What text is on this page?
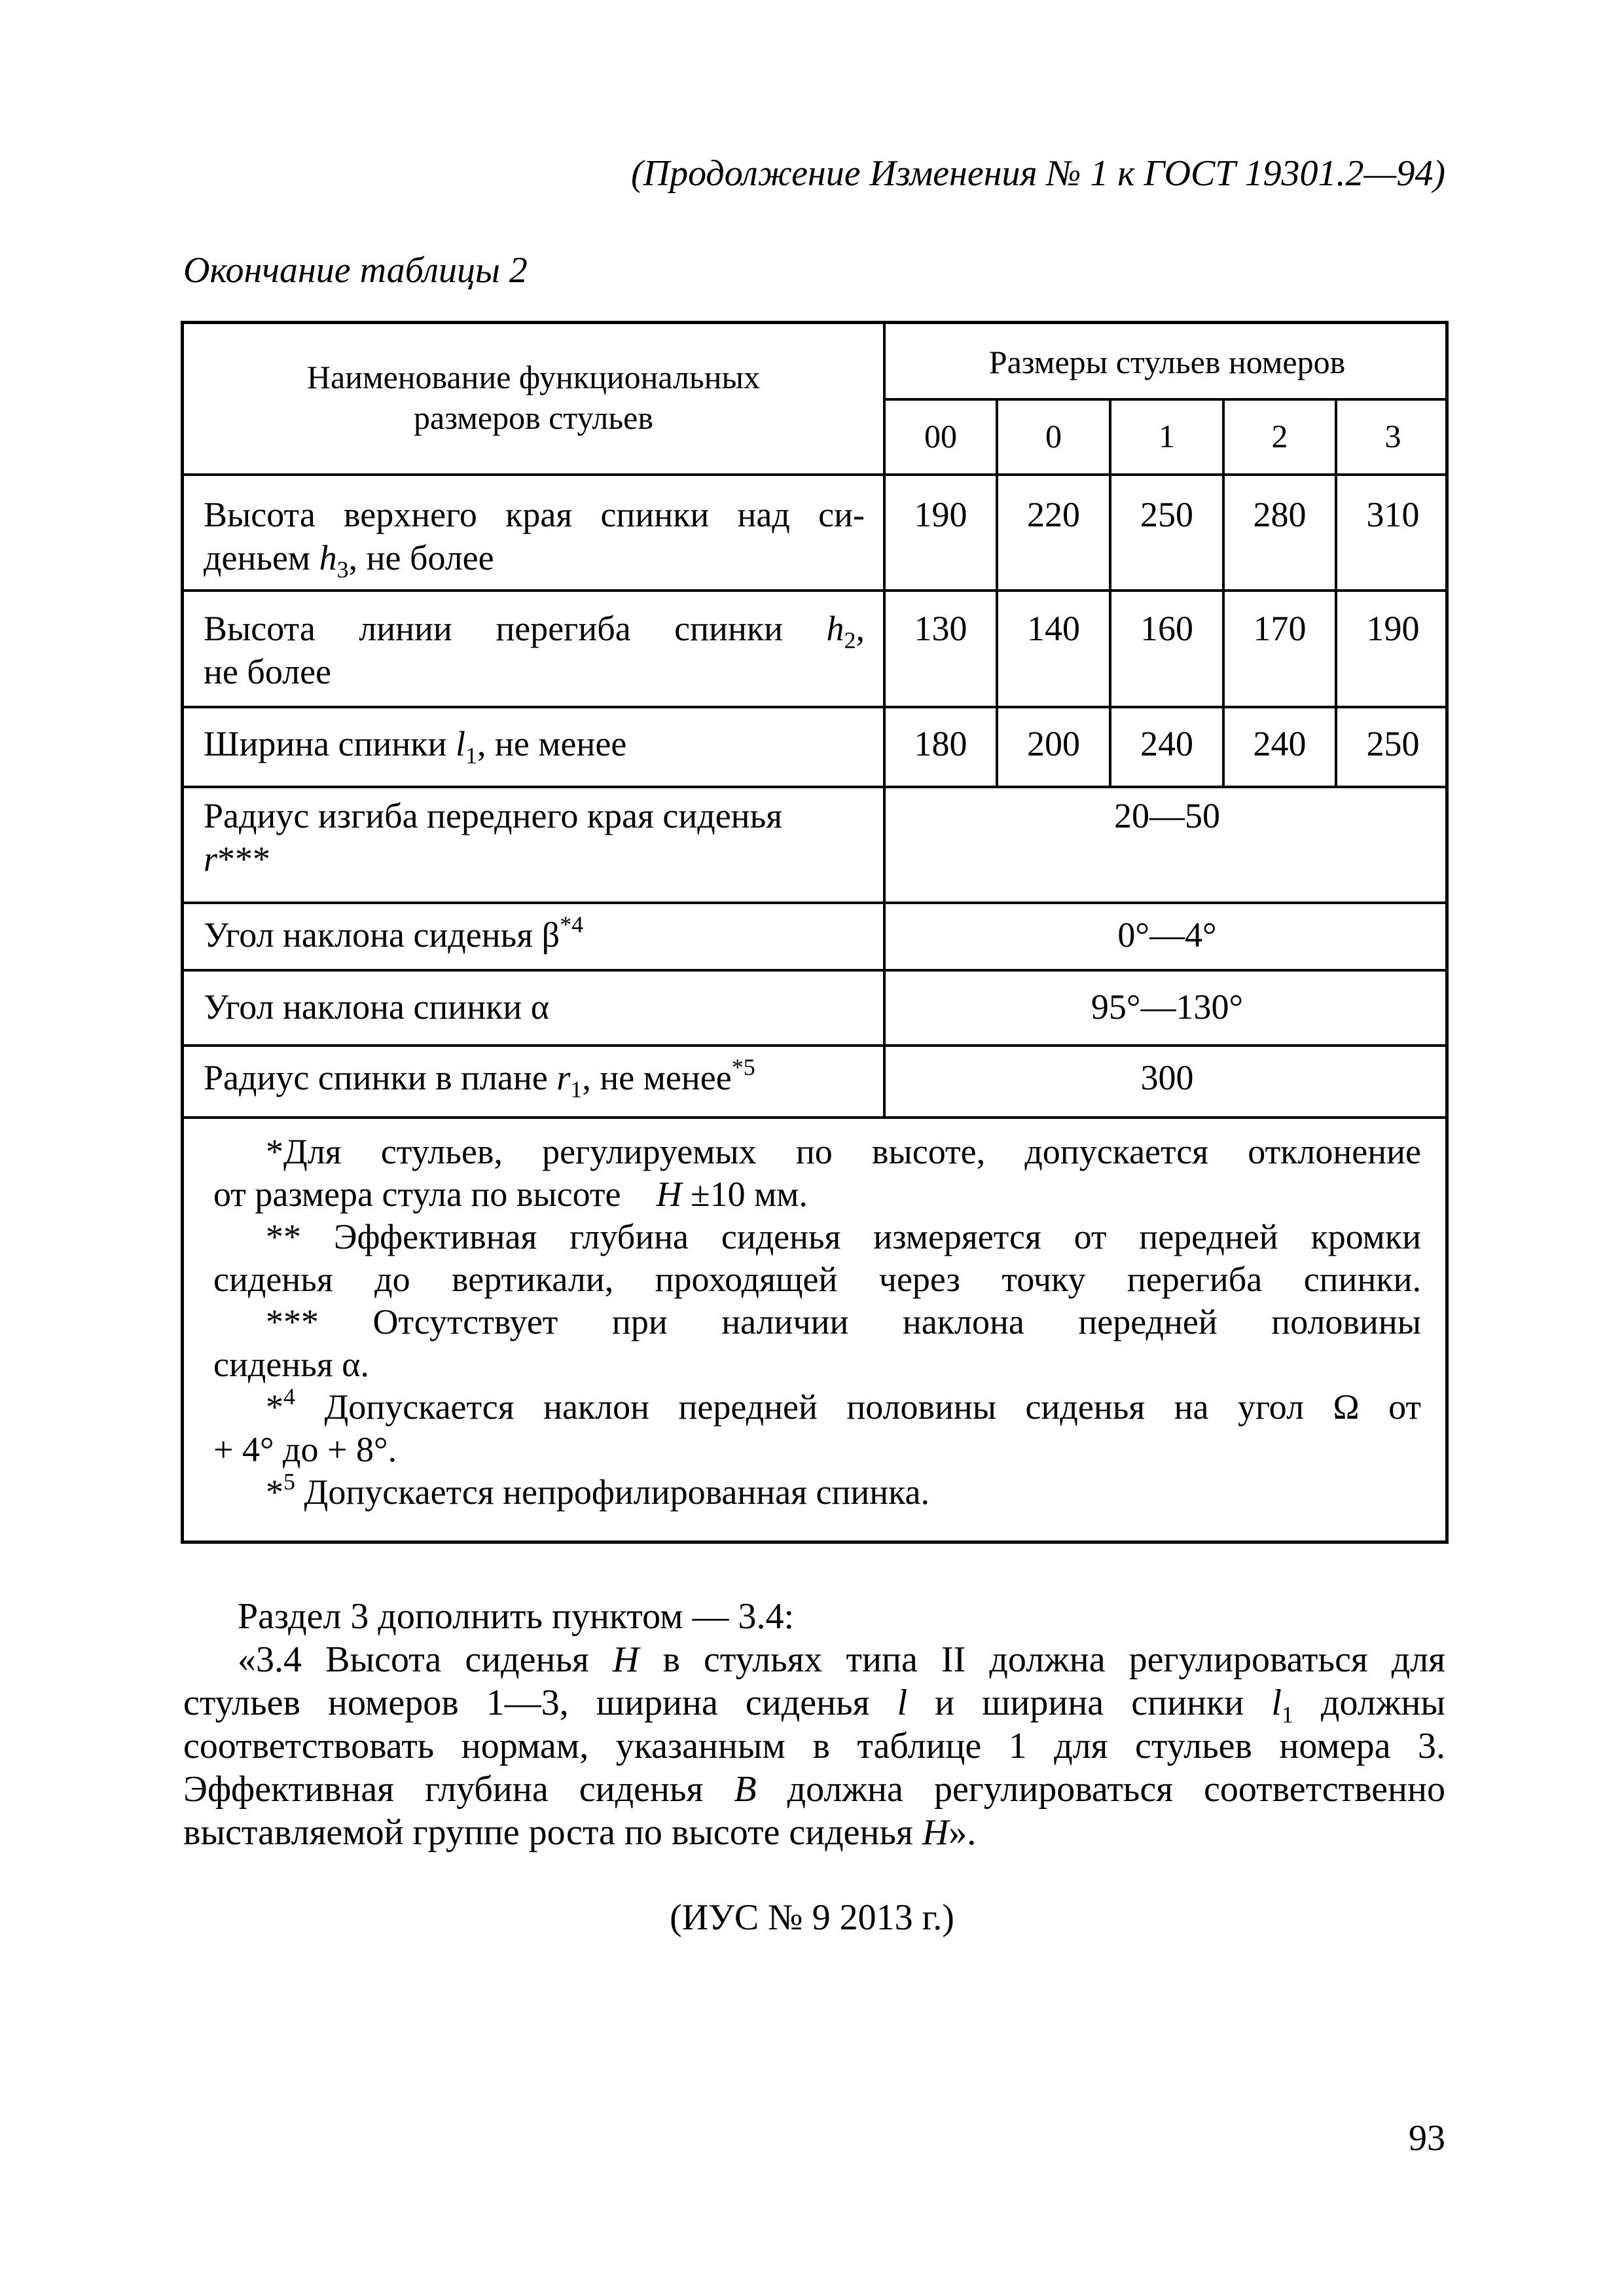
(Продолжение Изменения № 1 к ГОСТ 19301.2—94)
Окончание таблицы 2
Наименование функциональных
размеров стульев
Размеры стульев номеров
00	0	1	2	3
Высота верхнего края спинки над си-
деньем $h_3$, не более
190	220	250	280	310
Высота линии перегиба спинки $h_2$,
не более
130	140	160	170	190
Ширина спинки $l_1$, не менее	180	200	240	240	250
Радиус изгиба переднего края сиденья
r***
20—50
Угол наклона сиденья $\beta^{*4}$	0°—4°
Угол наклона спинки α	95°—130°
Радиус спинки в плане $r_1$, не менее$^{*5}$	300
*Для стульев, регулируемых по высоте, допускается отклонение
от размера стула по высоте    H ±10 мм.
** Эффективная глубина сиденья измеряется от передней кромки
сиденья до вертикали, проходящей через точку перегиба спинки.
*** Отсутствует при наличии наклона передней половины
сиденья α.
*$^4$ Допускается наклон передней половины сиденья на угол Ω от
+ 4° до + 8°.
*$^5$ Допускается непрофилированная спинка.
Раздел 3 дополнить пунктом — 3.4:
«3.4 Высота сиденья H в стульях типа II должна регулироваться для
стульев номеров 1—3, ширина сиденья l и ширина спинки $l_1$ должны
соответствовать нормам, указанным в таблице 1 для стульев номера 3.
Эффективная глубина сиденья B должна регулироваться соответственно
выставляемой группе роста по высоте сиденья H».
(ИУС № 9 2013 г.)
93
